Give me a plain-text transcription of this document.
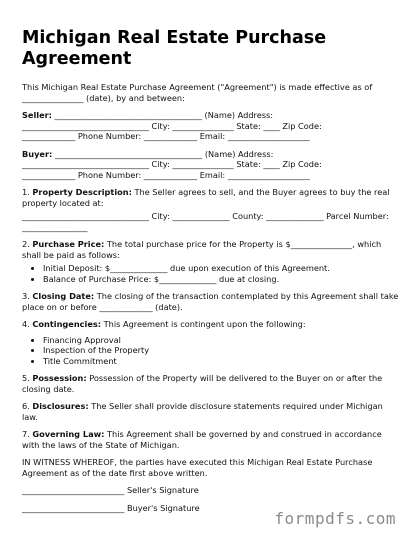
Michigan Real Estate Purchase
Agreement
This Michigan Real Estate Purchase Agreement ("Agreement") is made effective as of _______________ (date), by and between:
Seller: ____________________________________ (Name) Address:
_______________________________ City: _______________ State: ____ Zip Code:
_____________ Phone Number: _____________ Email: ____________________
Buyer: ____________________________________ (Name) Address:
_______________________________ City: _______________ State: ____ Zip Code:
_____________ Phone Number: _____________ Email: ____________________
1. Property Description: The Seller agrees to sell, and the Buyer agrees to buy the real property located at:
_______________________________ City: ______________ County: ______________ Parcel Number: ________________
2. Purchase Price: The total purchase price for the Property is $_______________, which shall be paid as follows:
• Initial Deposit: $______________ due upon execution of this Agreement.
• Balance of Purchase Price: $______________ due at closing.
3. Closing Date: The closing of the transaction contemplated by this Agreement shall take place on or before _____________ (date).
4. Contingencies: This Agreement is contingent upon the following:
• Financing Approval
• Inspection of the Property
• Title Commitment
5. Possession: Possession of the Property will be delivered to the Buyer on or after the closing date.
6. Disclosures: The Seller shall provide disclosure statements required under Michigan law.
7. Governing Law: This Agreement shall be governed by and construed in accordance with the laws of the State of Michigan.
IN WITNESS WHEREOF, the parties have executed this Michigan Real Estate Purchase Agreement as of the date first above written.
_________________________ Seller's Signature
_________________________ Buyer's Signature
formpdfs.com
